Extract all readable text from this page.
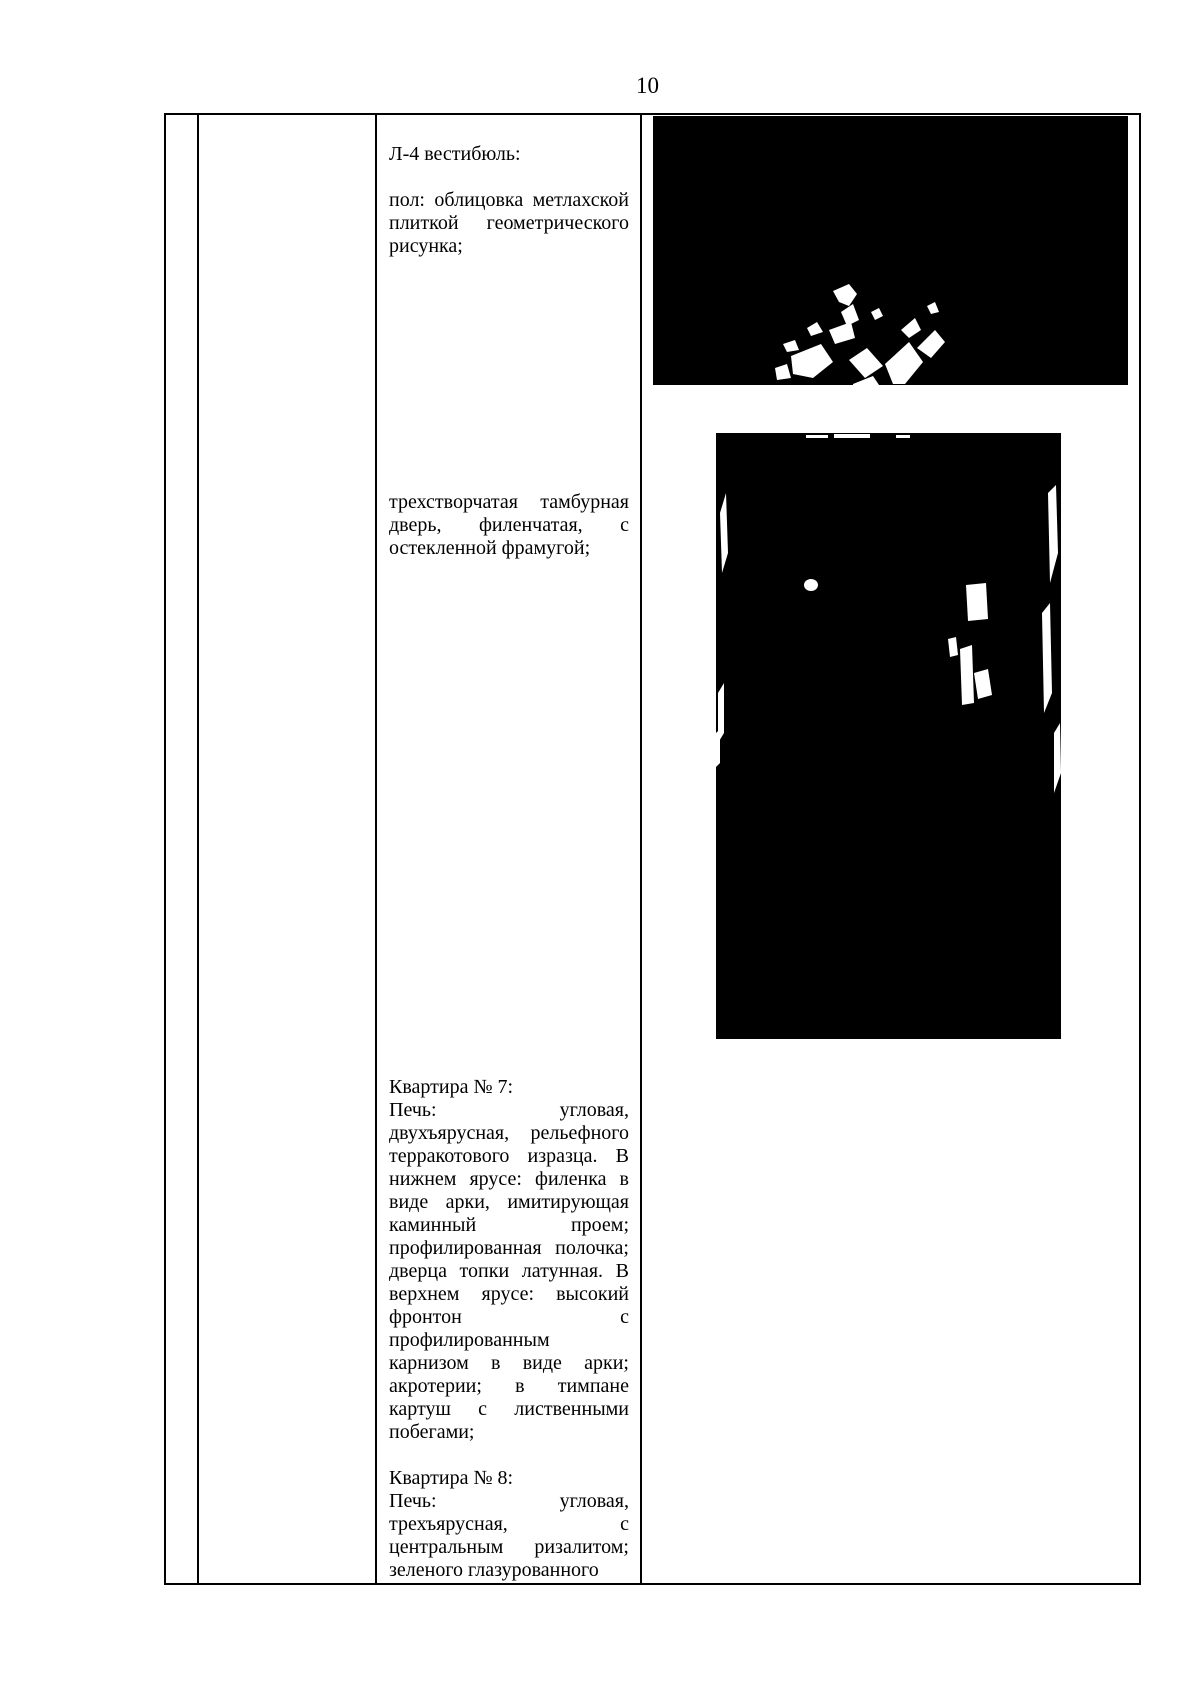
10

Л-4 вестибюль:

пол: облицовка метлахской плиткой геометрического рисунка;

трехстворчатая тамбурная дверь, филенчатая, с остекленной фрамугой;

Квартира № 7:

Печь: угловая, двухъярусная, рельефного терракотового изразца. В нижнем ярусе: филенка в виде арки, имитирующая каминный проем; профилированная полочка; дверца топки латунная. В верхнем ярусе: высокий фронтон с профилированным карнизом в виде арки; акротерии; в тимпане картуш с лиственными побегами;

Квартира № 8:

Печь: угловая, трехъярусная, с центральным ризалитом; зеленого глазурованного
